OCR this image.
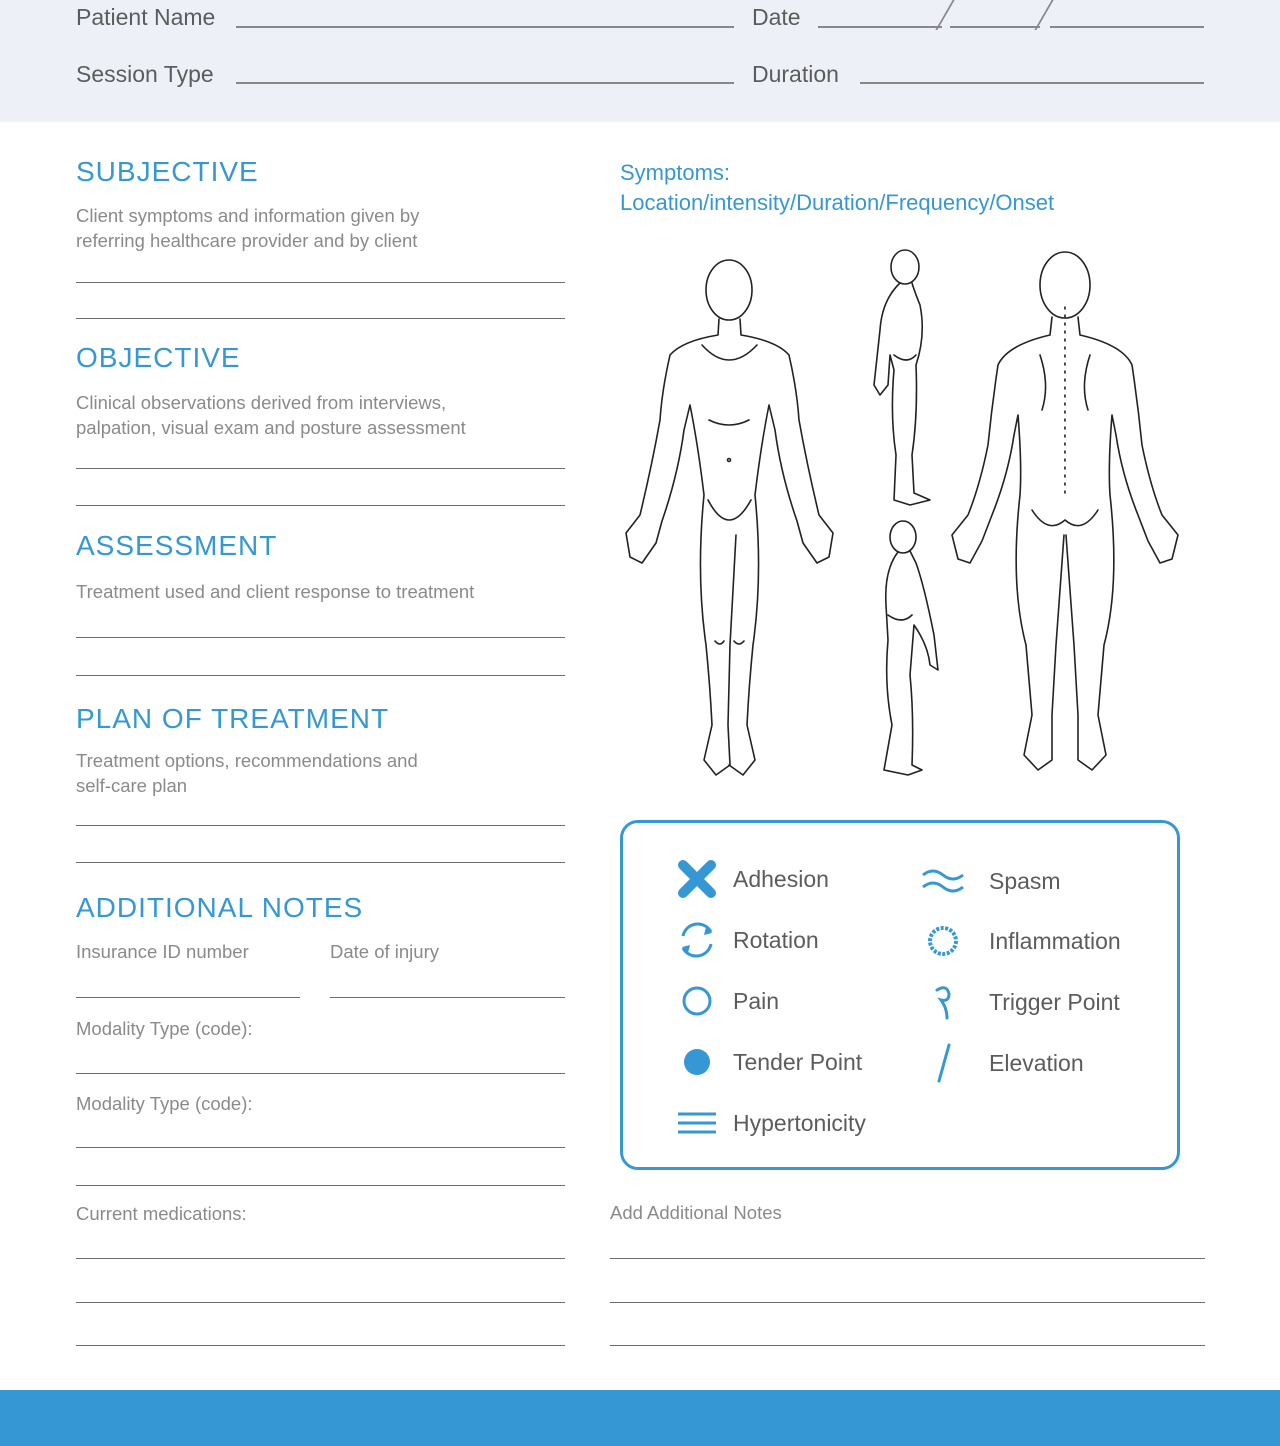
Patient Name	Date
Session Type	Duration
SUBJECTIVE
Client symptoms and information given by
referring healthcare provider and by client
OBJECTIVE
Clinical observations derived from interviews,
palpation, visual exam and posture assessment
ASSESSMENT
Treatment used and client response to treatment
PLAN OF TREATMENT
Treatment options, recommendations and
self-care plan
ADDITIONAL NOTES
Insurance ID number	Date of injury
Modality Type (code):
Modality Type (code):
Current medications:
Symptoms:
Location/intensity/Duration/Frequency/Onset
Adhesion	Spasm
Rotation	Inflammation
Pain	Trigger Point
Tender Point	Elevation
Hypertonicity
Add Additional Notes
